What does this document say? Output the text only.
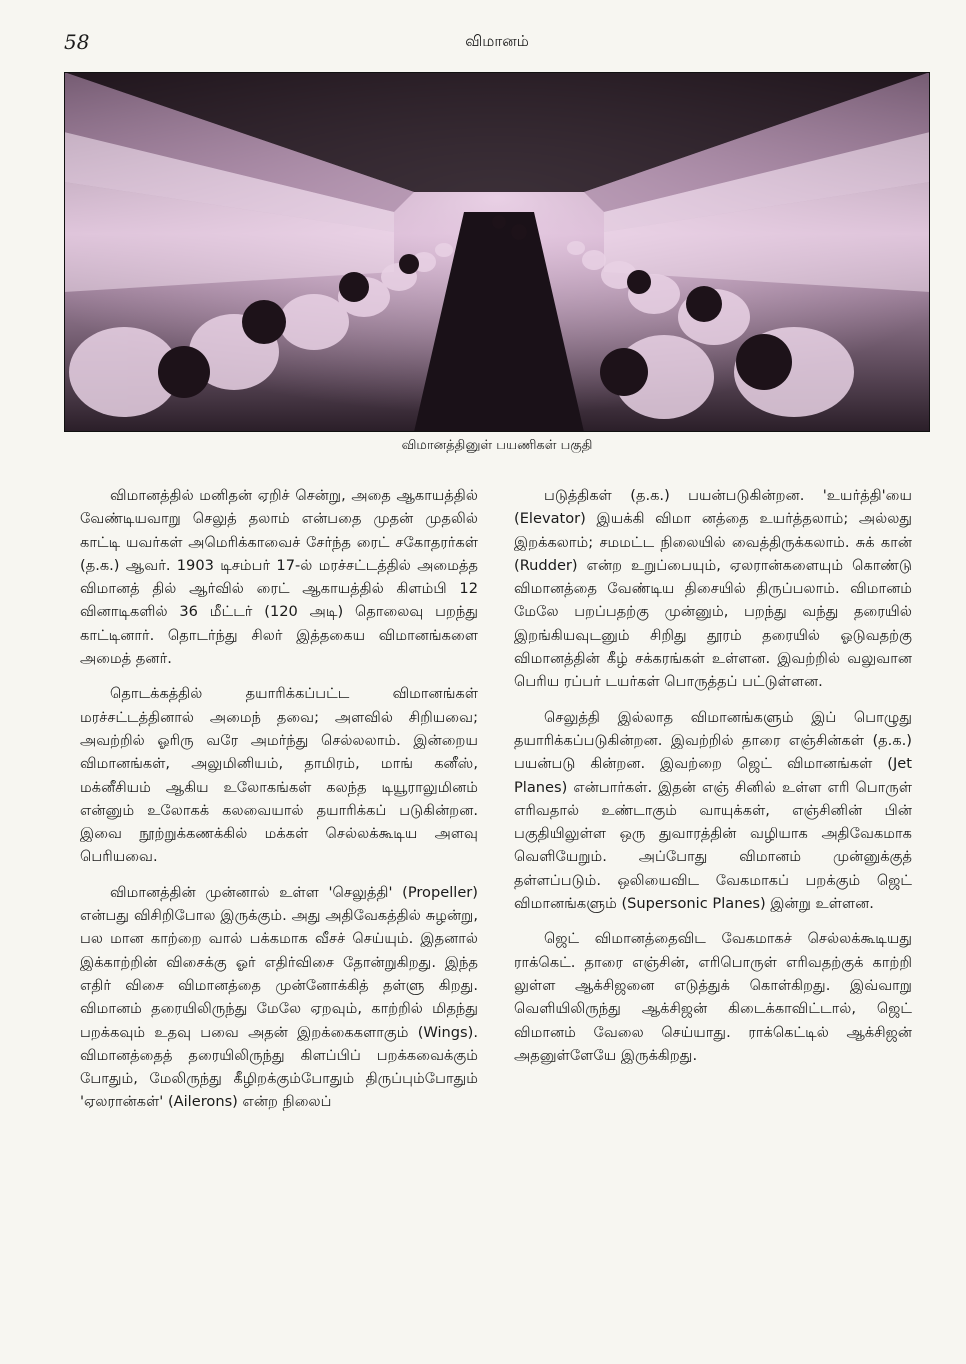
58	விமானம்
விமானத்தினுள் பயணிகள் பகுதி

விமானத்தில் மனிதன் ஏறிச் சென்று, அதை ஆகாயத்தில் வேண்டியவாறு செலுத் தலாம் என்பதை முதன் முதலில் காட்டி யவர்கள் அமெரிக்காவைச் சேர்ந்த ரைட் சகோதரர்கள் (த.க.) ஆவர். 1903 டிசம்பர் 17-ல் மரச்சட்டத்தில் அமைத்த விமானத் தில் ஆர்வில் ரைட் ஆகாயத்தில் கிளம்பி 12 வினாடிகளில் 36 மீட்டர் (120 அடி) தொலைவு பறந்து காட்டினார். தொடர்ந்து சிலர் இத்தகைய விமானங்களை அமைத் தனர்.

தொடக்கத்தில் தயாரிக்கப்பட்ட விமானங்கள் மரச்சட்டத்தினால் அமைந் தவை; அளவில் சிறியவை; அவற்றில் ஓரிரு வரே அமர்ந்து செல்லலாம். இன்றைய விமானங்கள், அலுமினியம், தாமிரம், மாங் கனீஸ், மக்னீசியம் ஆகிய உலோகங்கள் கலந்த டியூராலுமினம் என்னும் உலோகக் கலவையால் தயாரிக்கப் படுகின்றன. இவை நூற்றுக்கணக்கில் மக்கள் செல்லக்கூடிய அளவு பெரியவை.

விமானத்தின் முன்னால் உள்ள 'செலுத்தி' (Propeller) என்பது விசிறிபோல இருக்கும். அது அதிவேகத்தில் சுழன்று, பல மான காற்றை வால் பக்கமாக வீசச் செய்யும். இதனால் இக்காற்றின் விசைக்கு ஓர் எதிர்விசை தோன்றுகிறது. இந்த எதிர் விசை விமானத்தை முன்னோக்கித் தள்ளு கிறது. விமானம் தரையிலிருந்து மேலே ஏறவும், காற்றில் மிதந்து பறக்கவும் உதவு பவை அதன் இறக்கைகளாகும் (Wings). விமானத்தைத் தரையிலிருந்து கிளப்பிப் பறக்கவைக்கும் போதும், மேலிருந்து கீழிறக்கும்போதும் திருப்பும்போதும் 'ஏலரான்கள்' (Ailerons) என்ற நிலைப்

படுத்திகள் (த.க.) பயன்படுகின்றன. 'உயர்த்தி'யை (Elevator) இயக்கி விமா னத்தை உயர்த்தலாம்; அல்லது இறக்கலாம்; சமமட்ட நிலையில் வைத்திருக்கலாம். சுக் கான் (Rudder) என்ற உறுப்பையும், ஏலரான்களையும் கொண்டு விமானத்தை வேண்டிய திசையில் திருப்பலாம். விமானம் மேலே பறப்பதற்கு முன்னும், பறந்து வந்து தரையில் இறங்கியவுடனும் சிறிது தூரம் தரையில் ஓடுவதற்கு விமானத்தின் கீழ் சக்கரங்கள் உள்ளன. இவற்றில் வலுவான பெரிய ரப்பர் டயர்கள் பொருத்தப் பட்டுள்ளன.

செலுத்தி இல்லாத விமானங்களும் இப் பொழுது தயாரிக்கப்படுகின்றன. இவற்றில் தாரை எஞ்சின்கள் (த.க.) பயன்படு கின்றன. இவற்றை ஜெட் விமானங்கள் (Jet Planes) என்பார்கள். இதன் எஞ் சினில் உள்ள எரி பொருள் எரிவதால் உண்டாகும் வாயுக்கள், எஞ்சினின் பின் பகுதியிலுள்ள ஒரு துவாரத்தின் வழியாக அதிவேகமாக வெளியேறும். அப்போது விமானம் முன்னுக்குத் தள்ளப்படும். ஒலியைவிட வேகமாகப் பறக்கும் ஜெட் விமானங்களும் (Supersonic Planes) இன்று உள்ளன.

ஜெட் விமானத்தைவிட வேகமாகச் செல்லக்கூடியது ராக்கெட். தாரை எஞ்சின், எரிபொருள் எரிவதற்குக் காற்றி லுள்ள ஆக்சிஜனை எடுத்துக் கொள்கிறது. இவ்வாறு வெளியிலிருந்து ஆக்சிஜன் கிடைக்காவிட்டால், ஜெட் விமானம் வேலை செய்யாது. ராக்கெட்டில் ஆக்சிஜன் அதனுள்ளேயே இருக்கிறது.
